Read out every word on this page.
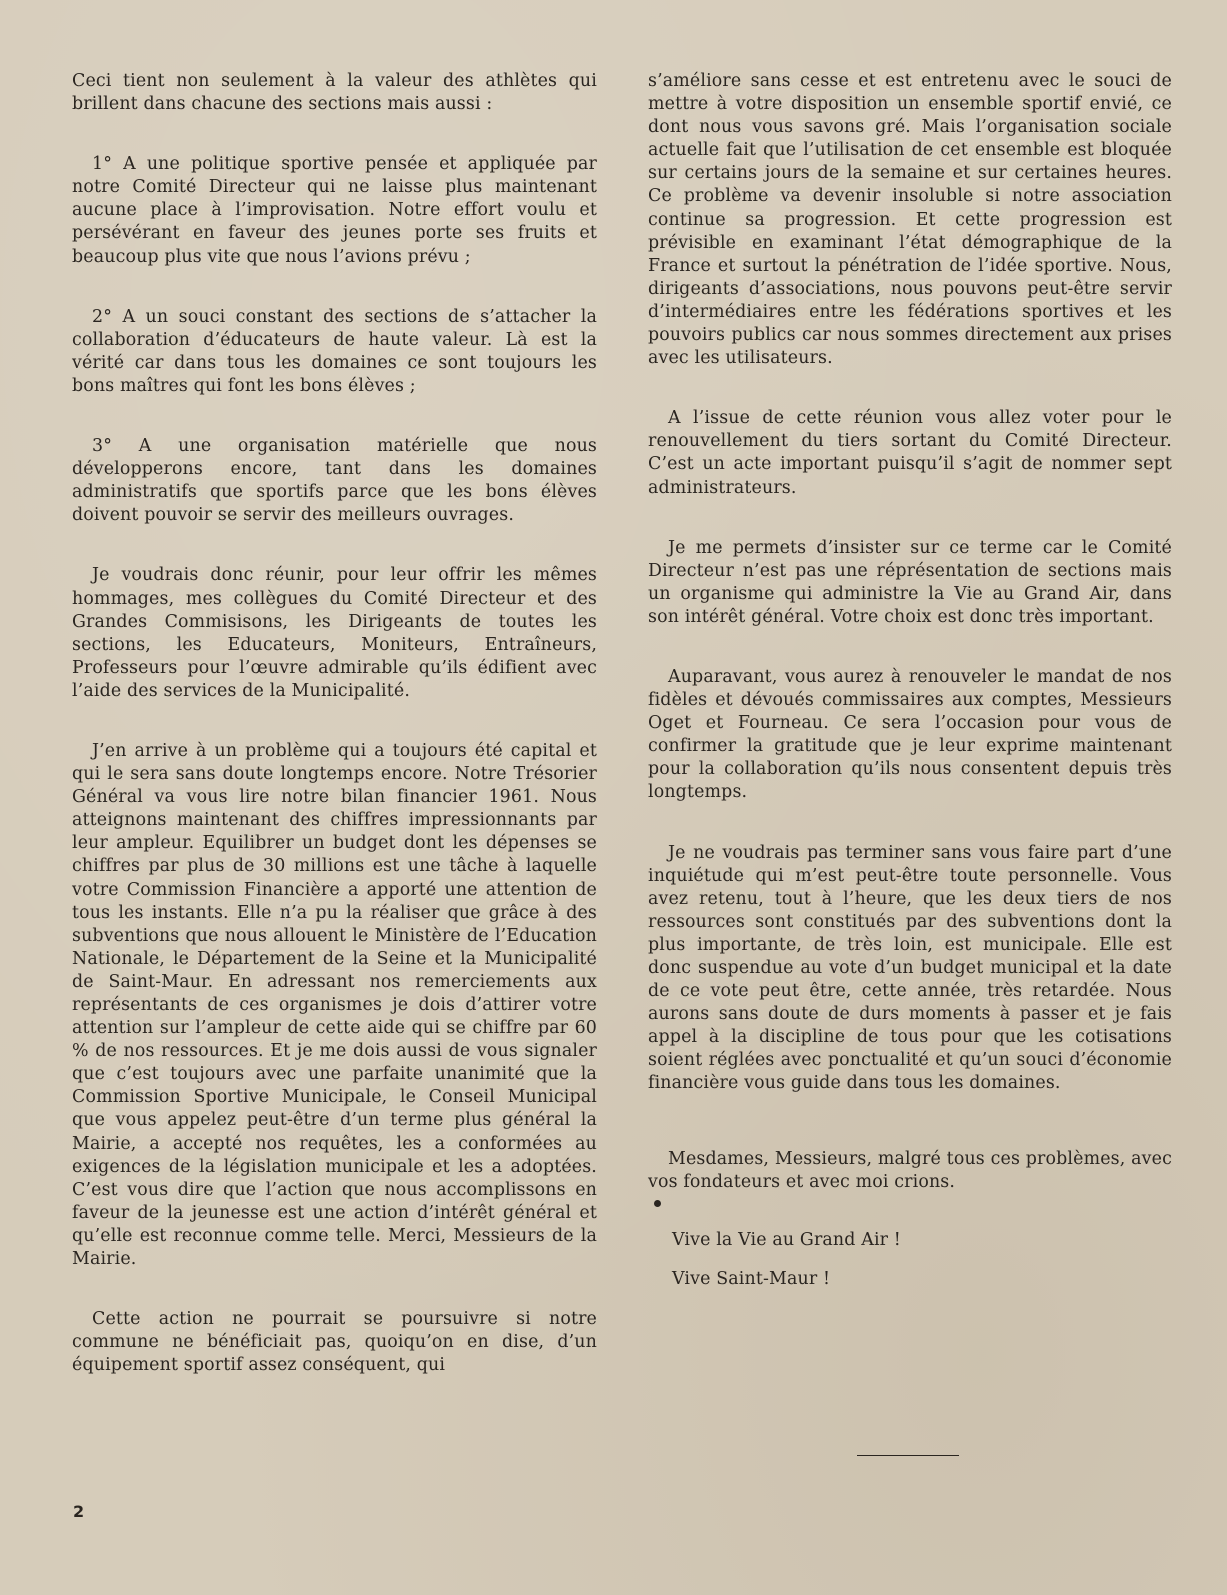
Ceci tient non seulement à la valeur des athlètes qui brillent dans chacune des sections mais aussi :

1° A une politique sportive pensée et appliquée par notre Comité Directeur qui ne laisse plus maintenant aucune place à l’improvisation. Notre effort voulu et persévérant en faveur des jeunes porte ses fruits et beaucoup plus vite que nous l’avions prévu ;

2° A un souci constant des sections de s’attacher la collaboration d’éducateurs de haute valeur. Là est la vérité car dans tous les domaines ce sont toujours les bons maîtres qui font les bons élèves ;

3° A une organisation matérielle que nous développerons encore, tant dans les domaines administratifs que sportifs parce que les bons élèves doivent pouvoir se servir des meilleurs ouvrages.

Je voudrais donc réunir, pour leur offrir les mêmes hommages, mes collègues du Comité Directeur et des Grandes Commisisons, les Dirigeants de toutes les sections, les Educateurs, Moniteurs, Entraîneurs, Professeurs pour l’œuvre admirable qu’ils édifient avec l’aide des services de la Municipalité.

J’en arrive à un problème qui a toujours été capital et qui le sera sans doute longtemps encore. Notre Trésorier Général va vous lire notre bilan financier 1961. Nous atteignons maintenant des chiffres impressionnants par leur ampleur. Equilibrer un budget dont les dépenses se chiffres par plus de 30 millions est une tâche à laquelle votre Commission Financière a apporté une attention de tous les instants. Elle n’a pu la réaliser que grâce à des subventions que nous allouent le Ministère de l’Education Nationale, le Département de la Seine et la Municipalité de Saint-Maur. En adressant nos remerciements aux représentants de ces organismes je dois d’attirer votre attention sur l’ampleur de cette aide qui se chiffre par 60 % de nos ressources. Et je me dois aussi de vous signaler que c’est toujours avec une parfaite unanimité que la Commission Sportive Municipale, le Conseil Municipal que vous appelez peut-être d’un terme plus général la Mairie, a accepté nos requêtes, les a conformées au exigences de la législation municipale et les a adoptées. C’est vous dire que l’action que nous accomplissons en faveur de la jeunesse est une action d’intérêt général et qu’elle est reconnue comme telle. Merci, Messieurs de la Mairie.

Cette action ne pourrait se poursuivre si notre commune ne bénéficiait pas, quoiqu’on en dise, d’un équipement sportif assez conséquent, qui

s’améliore sans cesse et est entretenu avec le souci de mettre à votre disposition un ensemble sportif envié, ce dont nous vous savons gré. Mais l’organisation sociale actuelle fait que l’utilisation de cet ensemble est bloquée sur certains jours de la semaine et sur certaines heures. Ce problème va devenir insoluble si notre association continue sa progression. Et cette progression est prévisible en examinant l’état démographique de la France et surtout la pénétration de l’idée sportive. Nous, dirigeants d’associations, nous pouvons peut-être servir d’intermédiaires entre les fédérations sportives et les pouvoirs publics car nous sommes directement aux prises avec les utilisateurs.

A l’issue de cette réunion vous allez voter pour le renouvellement du tiers sortant du Comité Directeur. C’est un acte important puisqu’il s’agit de nommer sept administrateurs.

Je me permets d’insister sur ce terme car le Comité Directeur n’est pas une réprésentation de sections mais un organisme qui administre la Vie au Grand Air, dans son intérêt général. Votre choix est donc très important.

Auparavant, vous aurez à renouveler le mandat de nos fidèles et dévoués commissaires aux comptes, Messieurs Oget et Fourneau. Ce sera l’occasion pour vous de confirmer la gratitude que je leur exprime maintenant pour la collaboration qu’ils nous consentent depuis très longtemps.

Je ne voudrais pas terminer sans vous faire part d’une inquiétude qui m’est peut-être toute personnelle. Vous avez retenu, tout à l’heure, que les deux tiers de nos ressources sont constitués par des subventions dont la plus importante, de très loin, est municipale. Elle est donc suspendue au vote d’un budget municipal et la date de ce vote peut être, cette année, très retardée. Nous aurons sans doute de durs moments à passer et je fais appel à la discipline de tous pour que les cotisations soient réglées avec ponctualité et qu’un souci d’économie financière vous guide dans tous les domaines.

Mesdames, Messieurs, malgré tous ces problèmes, avec vos fondateurs et avec moi crions.

Vive la Vie au Grand Air !

Vive Saint-Maur !

2
